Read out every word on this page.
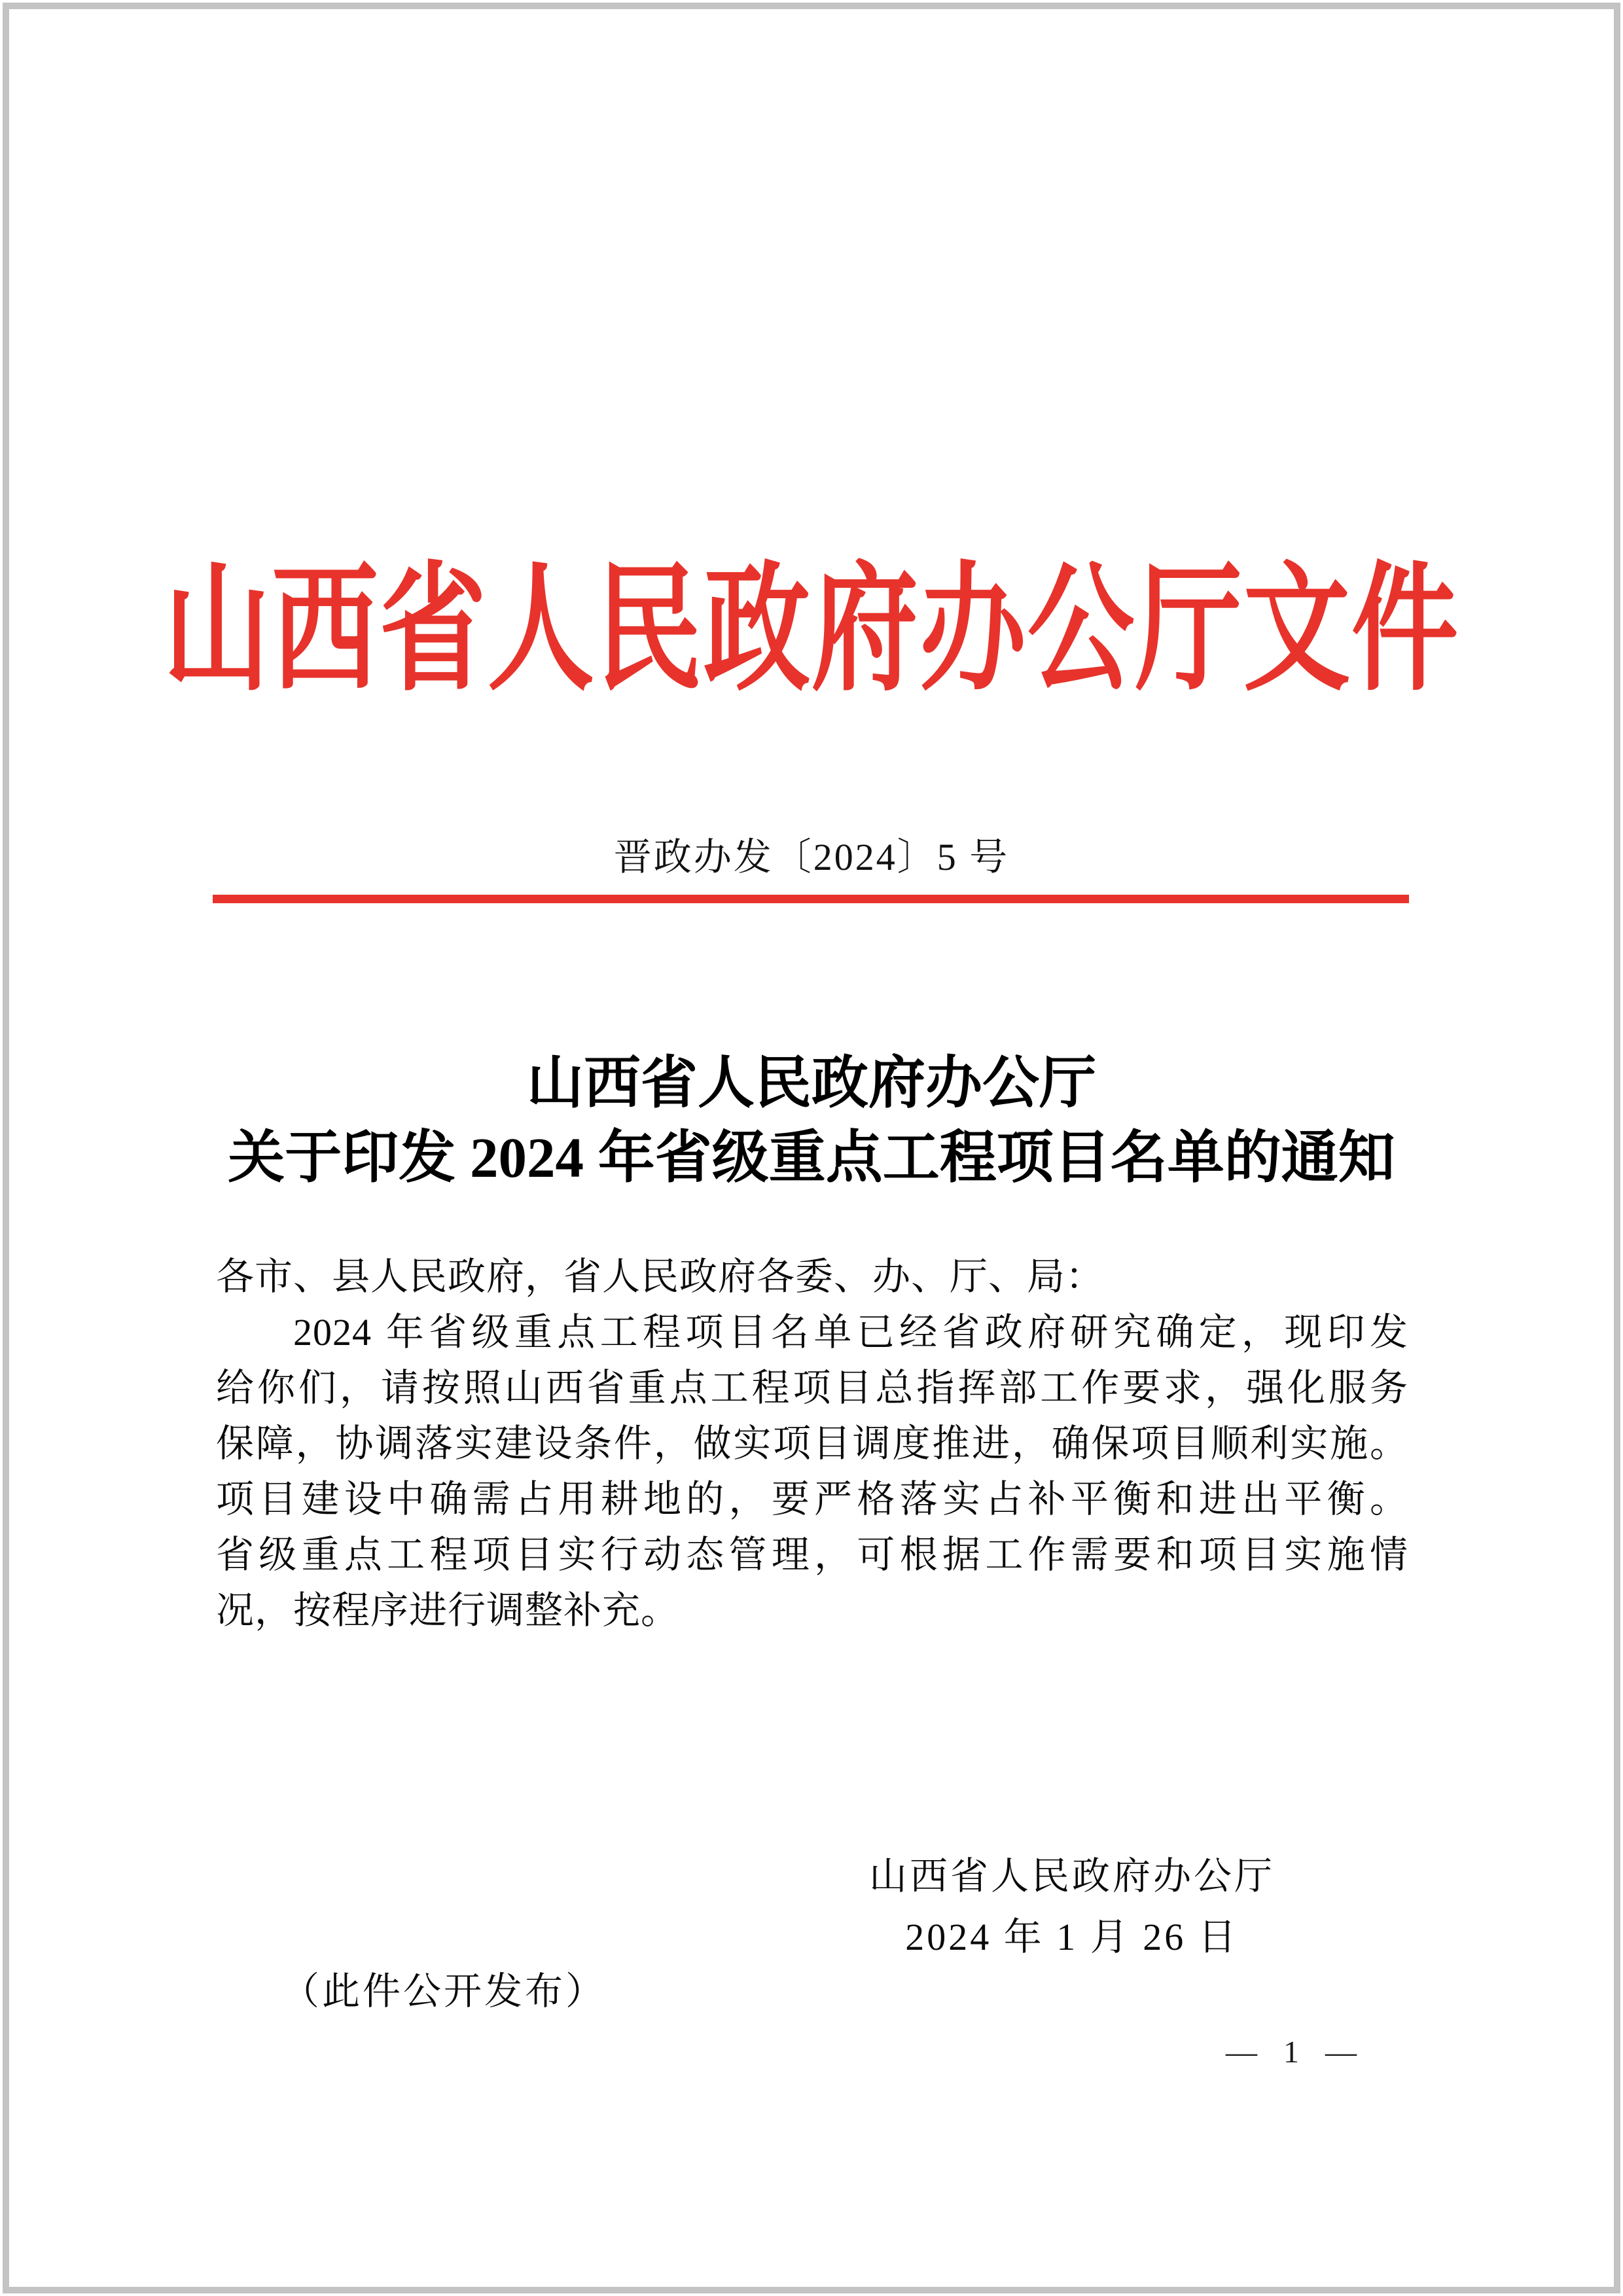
山西省人民政府办公厅文件
晋政办发〔2024〕5 号
山西省人民政府办公厅
关于印发 2024 年省级重点工程项目名单的通知
各市、县人民政府，省人民政府各委、办、厅、局：
2024 年省级重点工程项目名单已经省政府研究确定，现印发
给你们，请按照山西省重点工程项目总指挥部工作要求，强化服务
保障，协调落实建设条件，做实项目调度推进，确保项目顺利实施。
项目建设中确需占用耕地的，要严格落实占补平衡和进出平衡。
省级重点工程项目实行动态管理，可根据工作需要和项目实施情
况，按程序进行调整补充。
山西省人民政府办公厅
2024 年 1 月 26 日
（此件公开发布）
— 1 —
